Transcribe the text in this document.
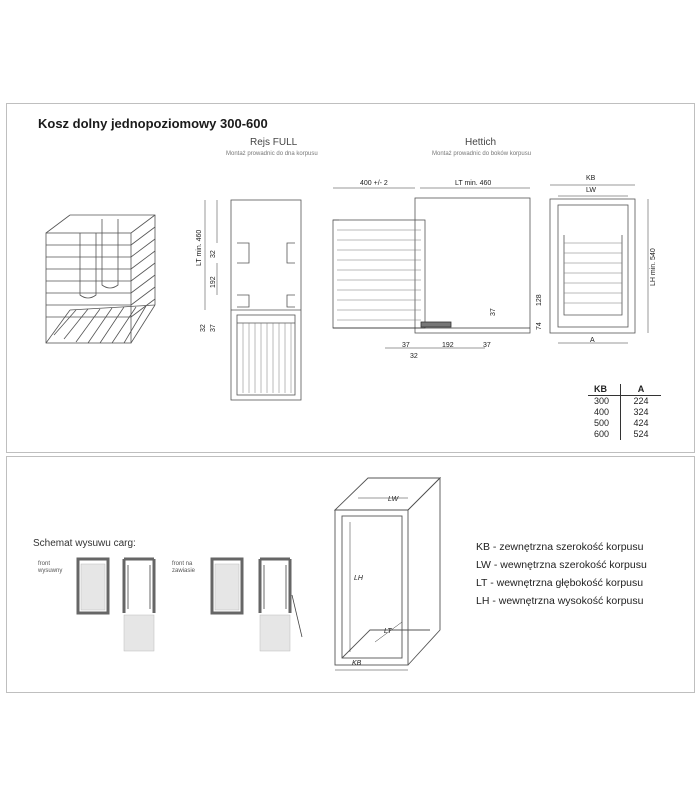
Kosz dolny jednopoziomowy 300-600
Rejs FULL
Montaż prowadnic do dna korpusu
Hettich
Montaż prowadnic do boków korpusu
LT min. 460 32
192
32 37
400 +/- 2	LT min. 460
37
37	192	37
32
KB
LW
LH min. 540
128
74
A
KB	A
300	224
400	324
500	424
600	524
Schemat wysuwu carg:
front wysuwny
front na zawiasie
LW
LH
LT
KB
KB - zewnętrzna szerokość korpusu
LW - wewnętrzna szerokość korpusu
LT - wewnętrzna głębokość korpusu
LH - wewnętrzna wysokość korpusu
